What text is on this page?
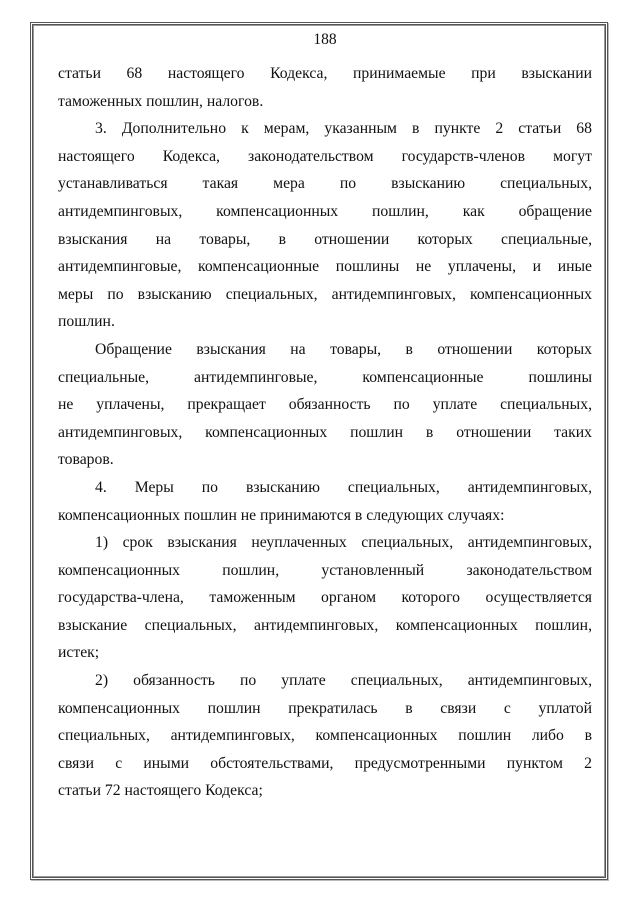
188
статьи 68 настоящего Кодекса, принимаемые при взыскании
таможенных пошлин, налогов.
3. Дополнительно к мерам, указанным в пункте 2 статьи 68
настоящего Кодекса, законодательством государств-членов могут
устанавливаться такая мера по взысканию специальных,
антидемпинговых, компенсационных пошлин, как обращение
взыскания на товары, в отношении которых специальные,
антидемпинговые, компенсационные пошлины не уплачены, и иные
меры по взысканию специальных, антидемпинговых, компенсационных
пошлин.
Обращение взыскания на товары, в отношении которых
специальные, антидемпинговые, компенсационные пошлины
не уплачены, прекращает обязанность по уплате специальных,
антидемпинговых, компенсационных пошлин в отношении таких
товаров.
4. Меры по взысканию специальных, антидемпинговых,
компенсационных пошлин не принимаются в следующих случаях:
1) срок взыскания неуплаченных специальных, антидемпинговых,
компенсационных пошлин, установленный законодательством
государства-члена, таможенным органом которого осуществляется
взыскание специальных, антидемпинговых, компенсационных пошлин,
истек;
2) обязанность по уплате специальных, антидемпинговых,
компенсационных пошлин прекратилась в связи с уплатой
специальных, антидемпинговых, компенсационных пошлин либо в
связи с иными обстоятельствами, предусмотренными пунктом 2
статьи 72 настоящего Кодекса;
